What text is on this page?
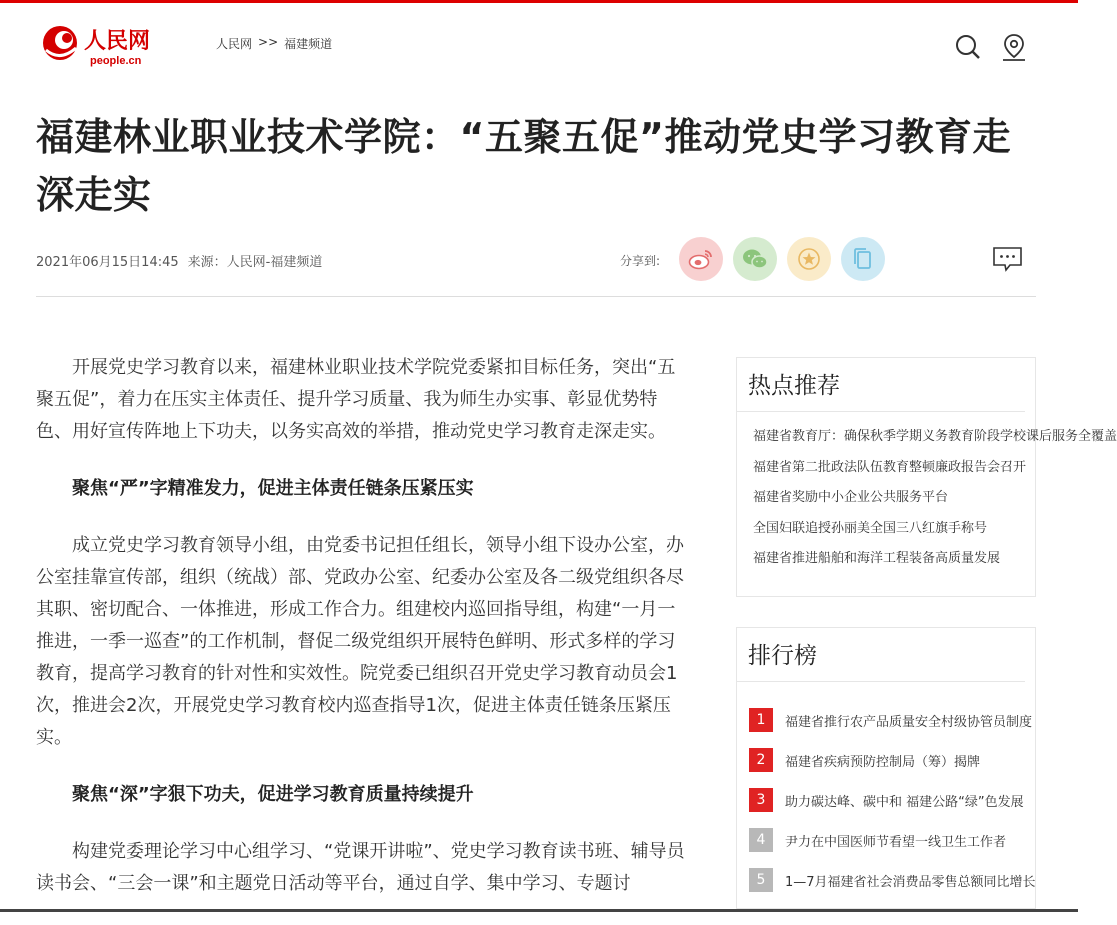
人民网
people.cn
人民网 >> 福建频道
福建林业职业技术学院：“五聚五促”推动党史学习教育走深走实
2021年06月15日14:45 来源：人民网-福建频道	分享到:

开展党史学习教育以来，福建林业职业技术学院党委紧扣目标任务，突出“五聚五促”，着力在压实主体责任、提升学习质量、我为师生办实事、彰显优势特色、用好宣传阵地上下功夫，以务实高效的举措，推动党史学习教育走深走实。

聚焦“严”字精准发力，促进主体责任链条压紧压实

成立党史学习教育领导小组，由党委书记担任组长，领导小组下设办公室，办公室挂靠宣传部，组织（统战）部、党政办公室、纪委办公室及各二级党组织各尽其职、密切配合、一体推进，形成工作合力。组建校内巡回指导组，构建“一月一推进，一季一巡查”的工作机制，督促二级党组织开展特色鲜明、形式多样的学习教育，提高学习教育的针对性和实效性。院党委已组织召开党史学习教育动员会1次，推进会2次，开展党史学习教育校内巡查指导1次，促进主体责任链条压紧压实。

聚焦“深”字狠下功夫，促进学习教育质量持续提升

构建党委理论学习中心组学习、“党课开讲啦”、党史学习教育读书班、辅导员读书会、“三会一课”和主题党日活动等平台，通过自学、集中学习、专题讨

热点推荐
福建省教育厅：确保秋季学期义务教育阶段学校课后服务全覆盖
福建省第二批政法队伍教育整顿廉政报告会召开
福建省奖励中小企业公共服务平台
全国妇联追授孙丽美全国三八红旗手称号
福建省推进船舶和海洋工程装备高质量发展
排行榜
1	福建省推行农产品质量安全村级协管员制度
2	福建省疾病预防控制局（筹）揭牌
3	助力碳达峰、碳中和 福建公路“绿”色发展
4	尹力在中国医师节看望一线卫生工作者
5	1—7月福建省社会消费品零售总额同比增长
